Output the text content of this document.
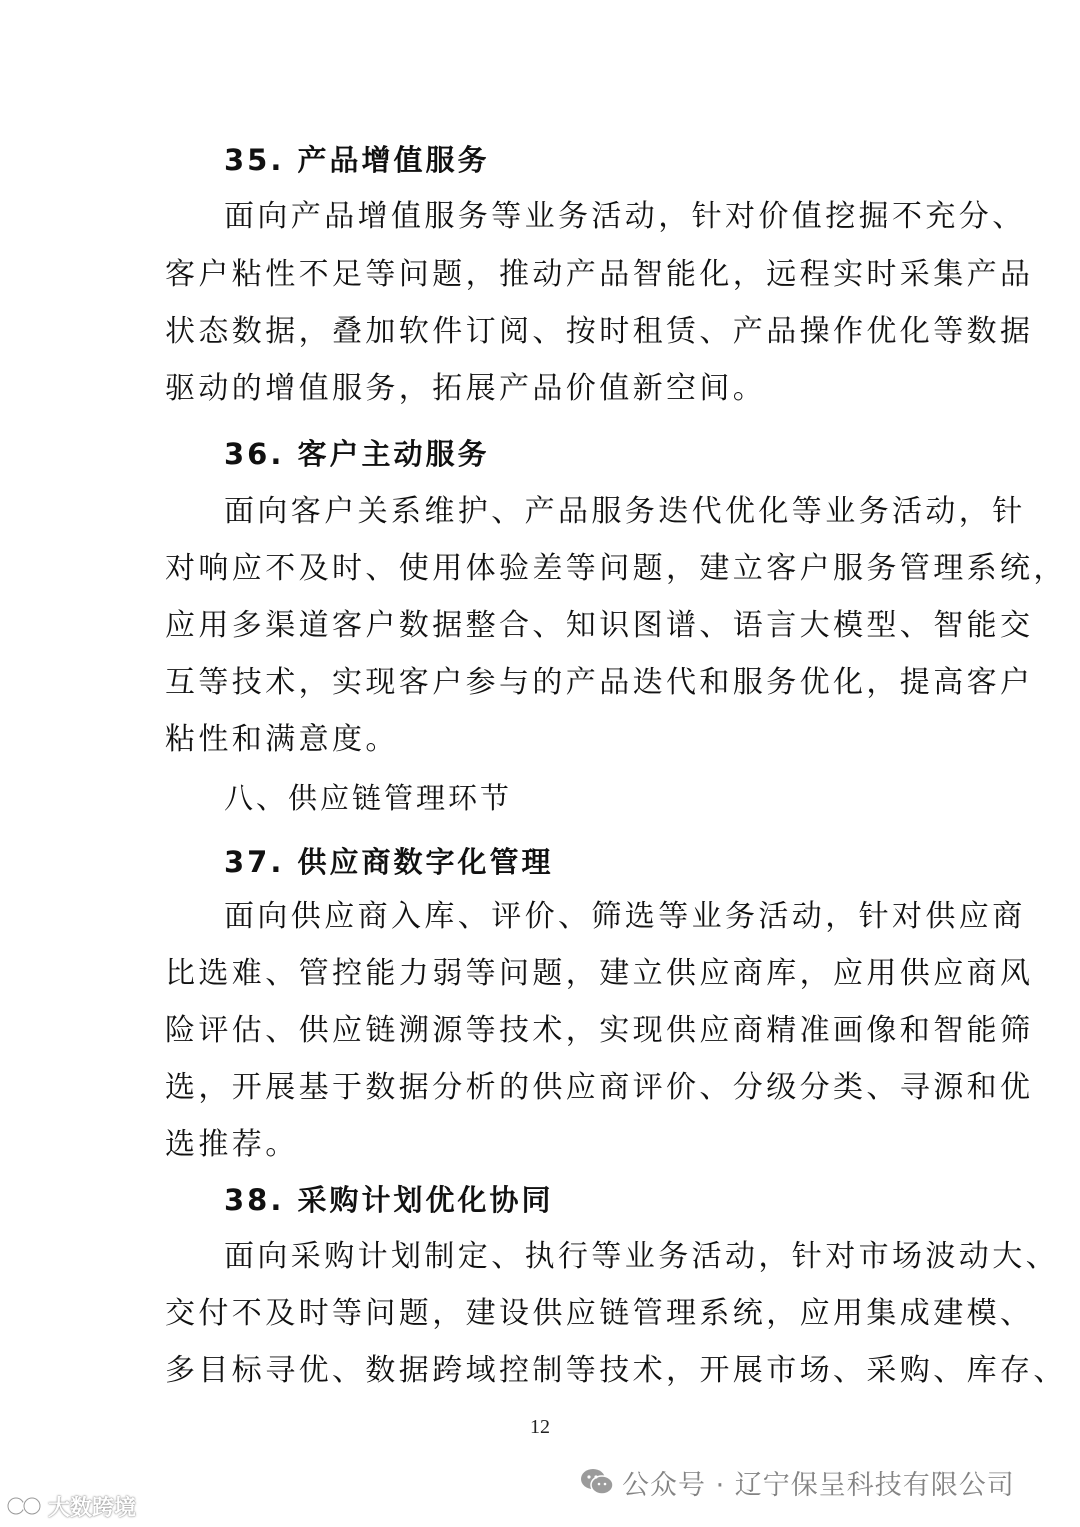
35. 产品增值服务
面向产品增值服务等业务活动，针对价值挖掘不充分、
客户粘性不足等问题，推动产品智能化，远程实时采集产品
状态数据，叠加软件订阅、按时租赁、产品操作优化等数据
驱动的增值服务，拓展产品价值新空间。
36. 客户主动服务
面向客户关系维护、产品服务迭代优化等业务活动，针
对响应不及时、使用体验差等问题，建立客户服务管理系统，
应用多渠道客户数据整合、知识图谱、语言大模型、智能交
互等技术，实现客户参与的产品迭代和服务优化，提高客户
粘性和满意度。
八、供应链管理环节
37. 供应商数字化管理
面向供应商入库、评价、筛选等业务活动，针对供应商
比选难、管控能力弱等问题，建立供应商库，应用供应商风
险评估、供应链溯源等技术，实现供应商精准画像和智能筛
选，开展基于数据分析的供应商评价、分级分类、寻源和优
选推荐。
38. 采购计划优化协同
面向采购计划制定、执行等业务活动，针对市场波动大、
交付不及时等问题，建设供应链管理系统，应用集成建模、
多目标寻优、数据跨域控制等技术，开展市场、采购、库存、
12
公众号 · 辽宁保呈科技有限公司
大数跨境
